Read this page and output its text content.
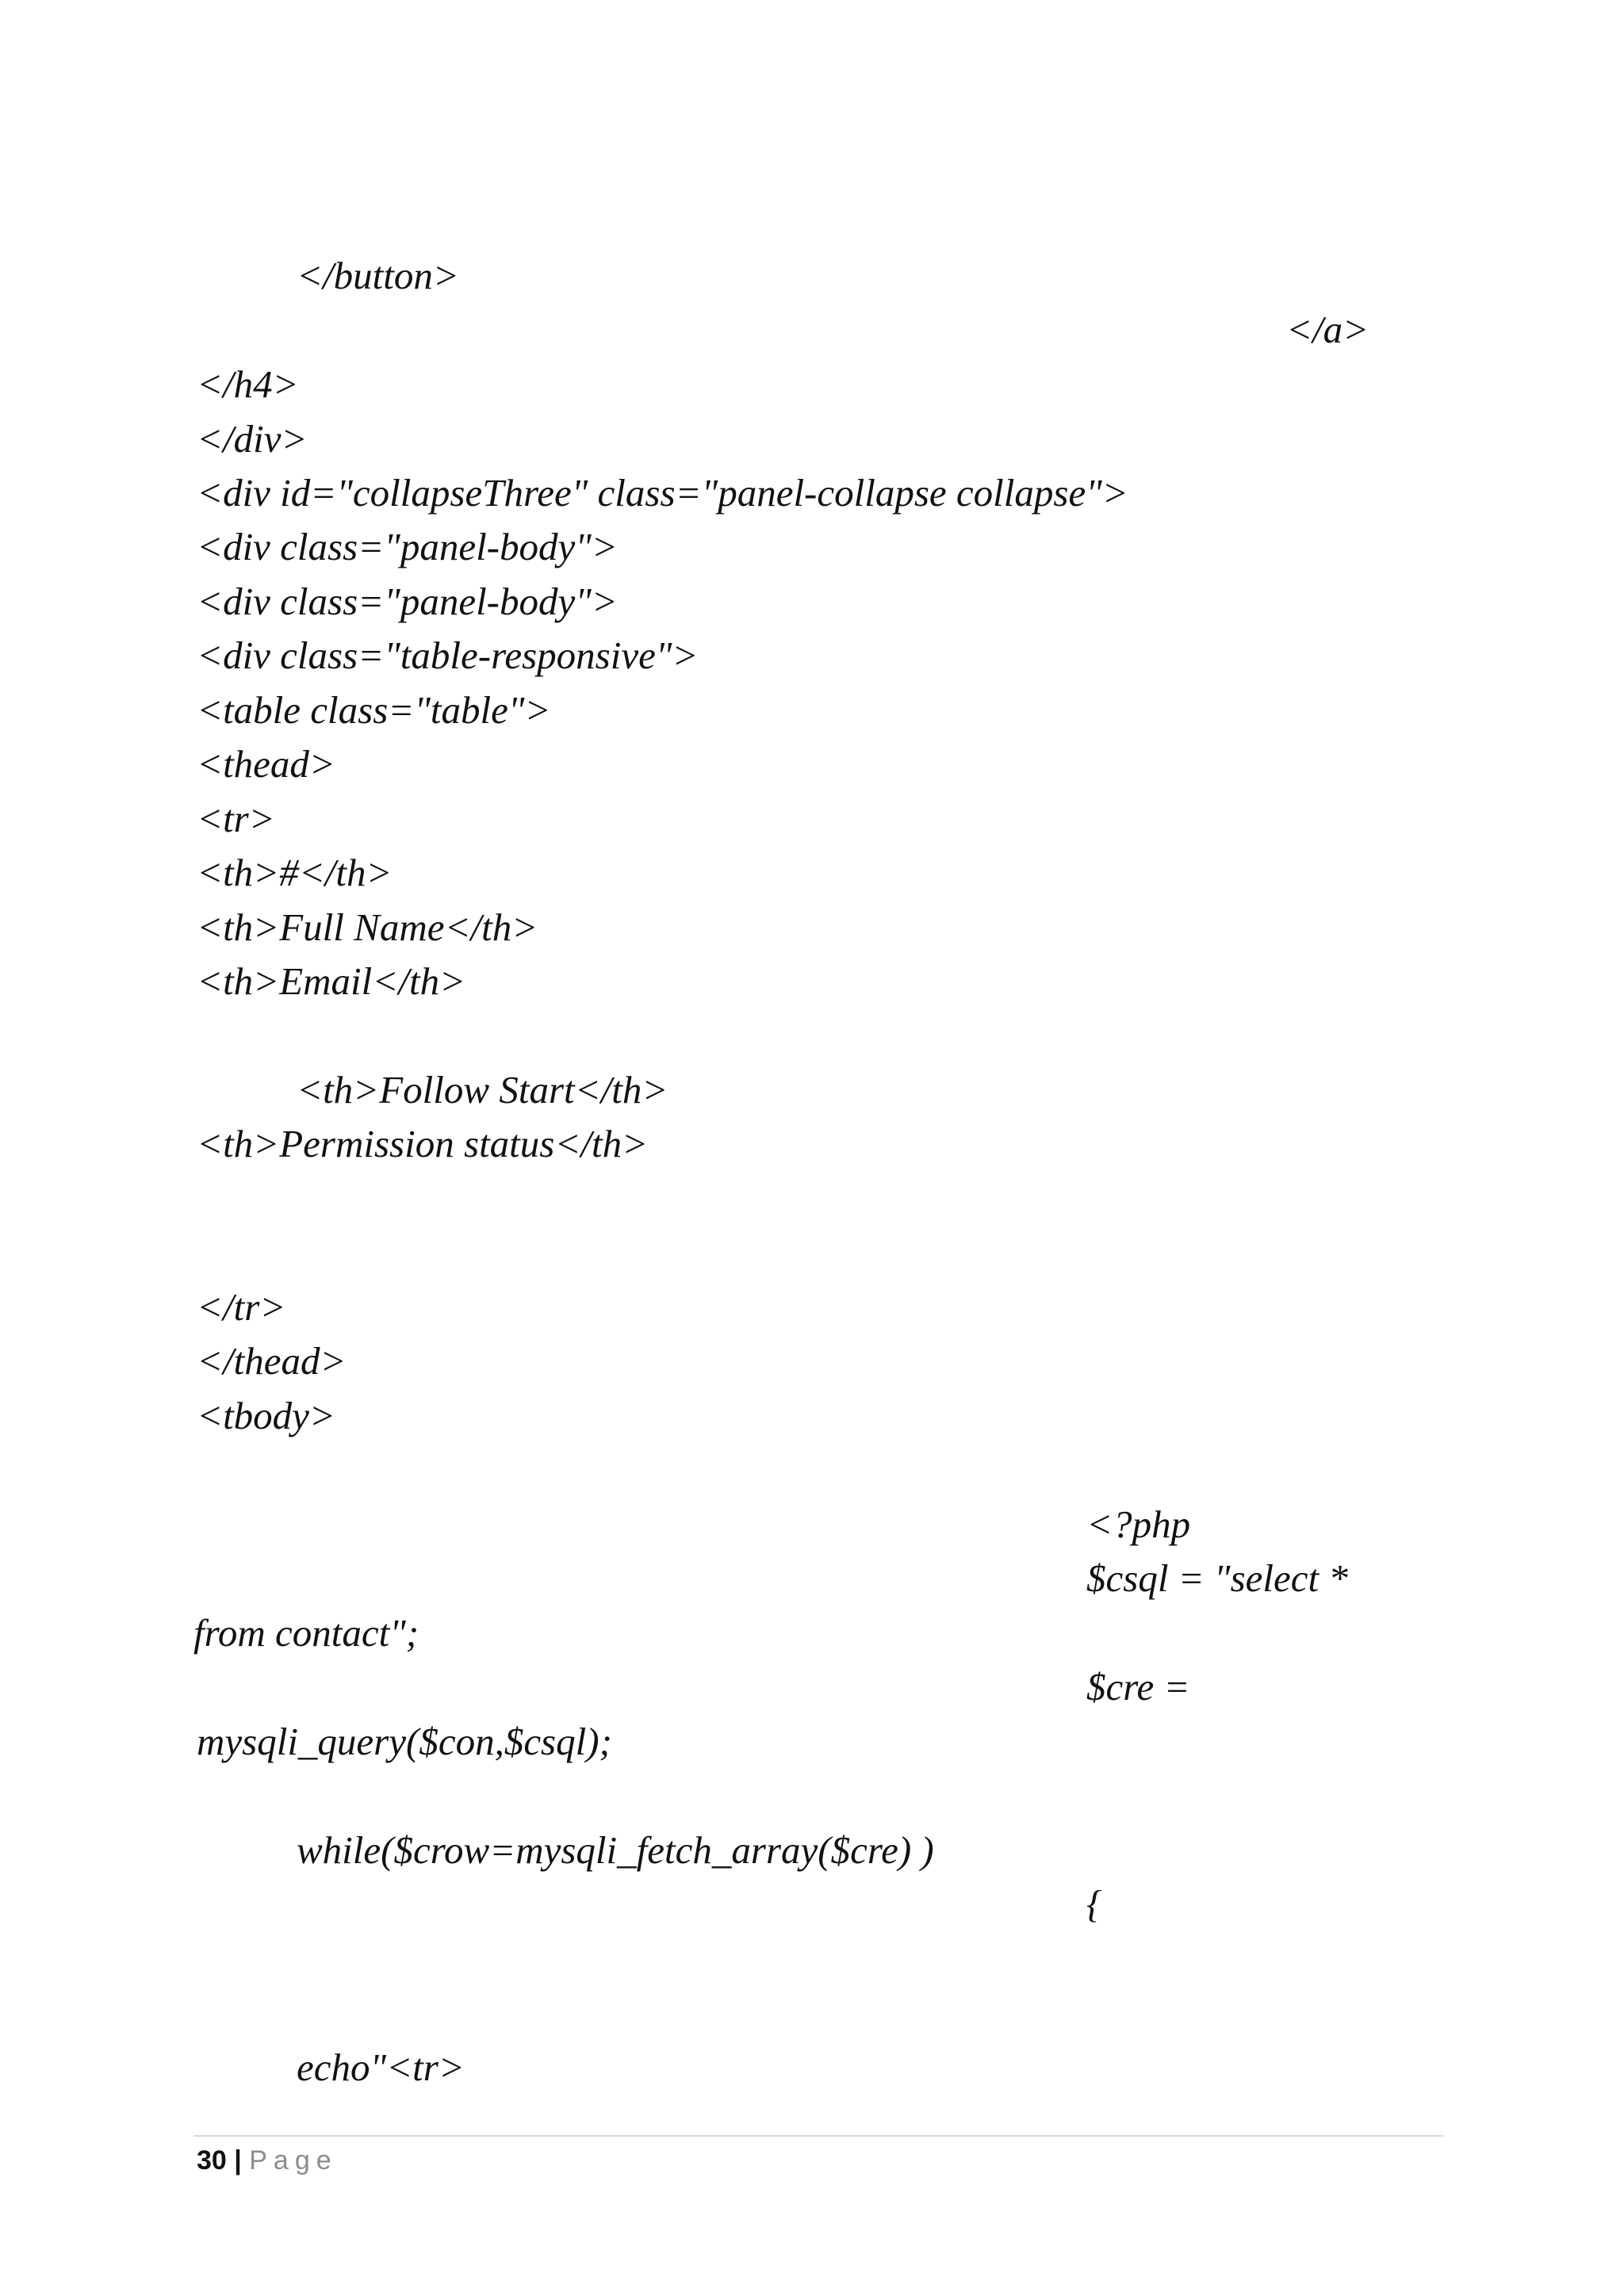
</button>
</a>
</h4>
</div>
<div id="collapseThree" class="panel-collapse collapse">
<div class="panel-body">
<div class="panel-body">
<div class="table-responsive">
<table class="table">
<thead>
<tr>
<th>#</th>
<th>Full Name</th>
<th>Email</th>
<th>Follow Start</th>
<th>Permission status</th>
</tr>
</thead>
<tbody>
<?php
$csql = "select *
from contact";
$cre =
mysqli_query($con,$csql);
while($crow=mysqli_fetch_array($cre) )
{
echo"<tr>
30 | Page
